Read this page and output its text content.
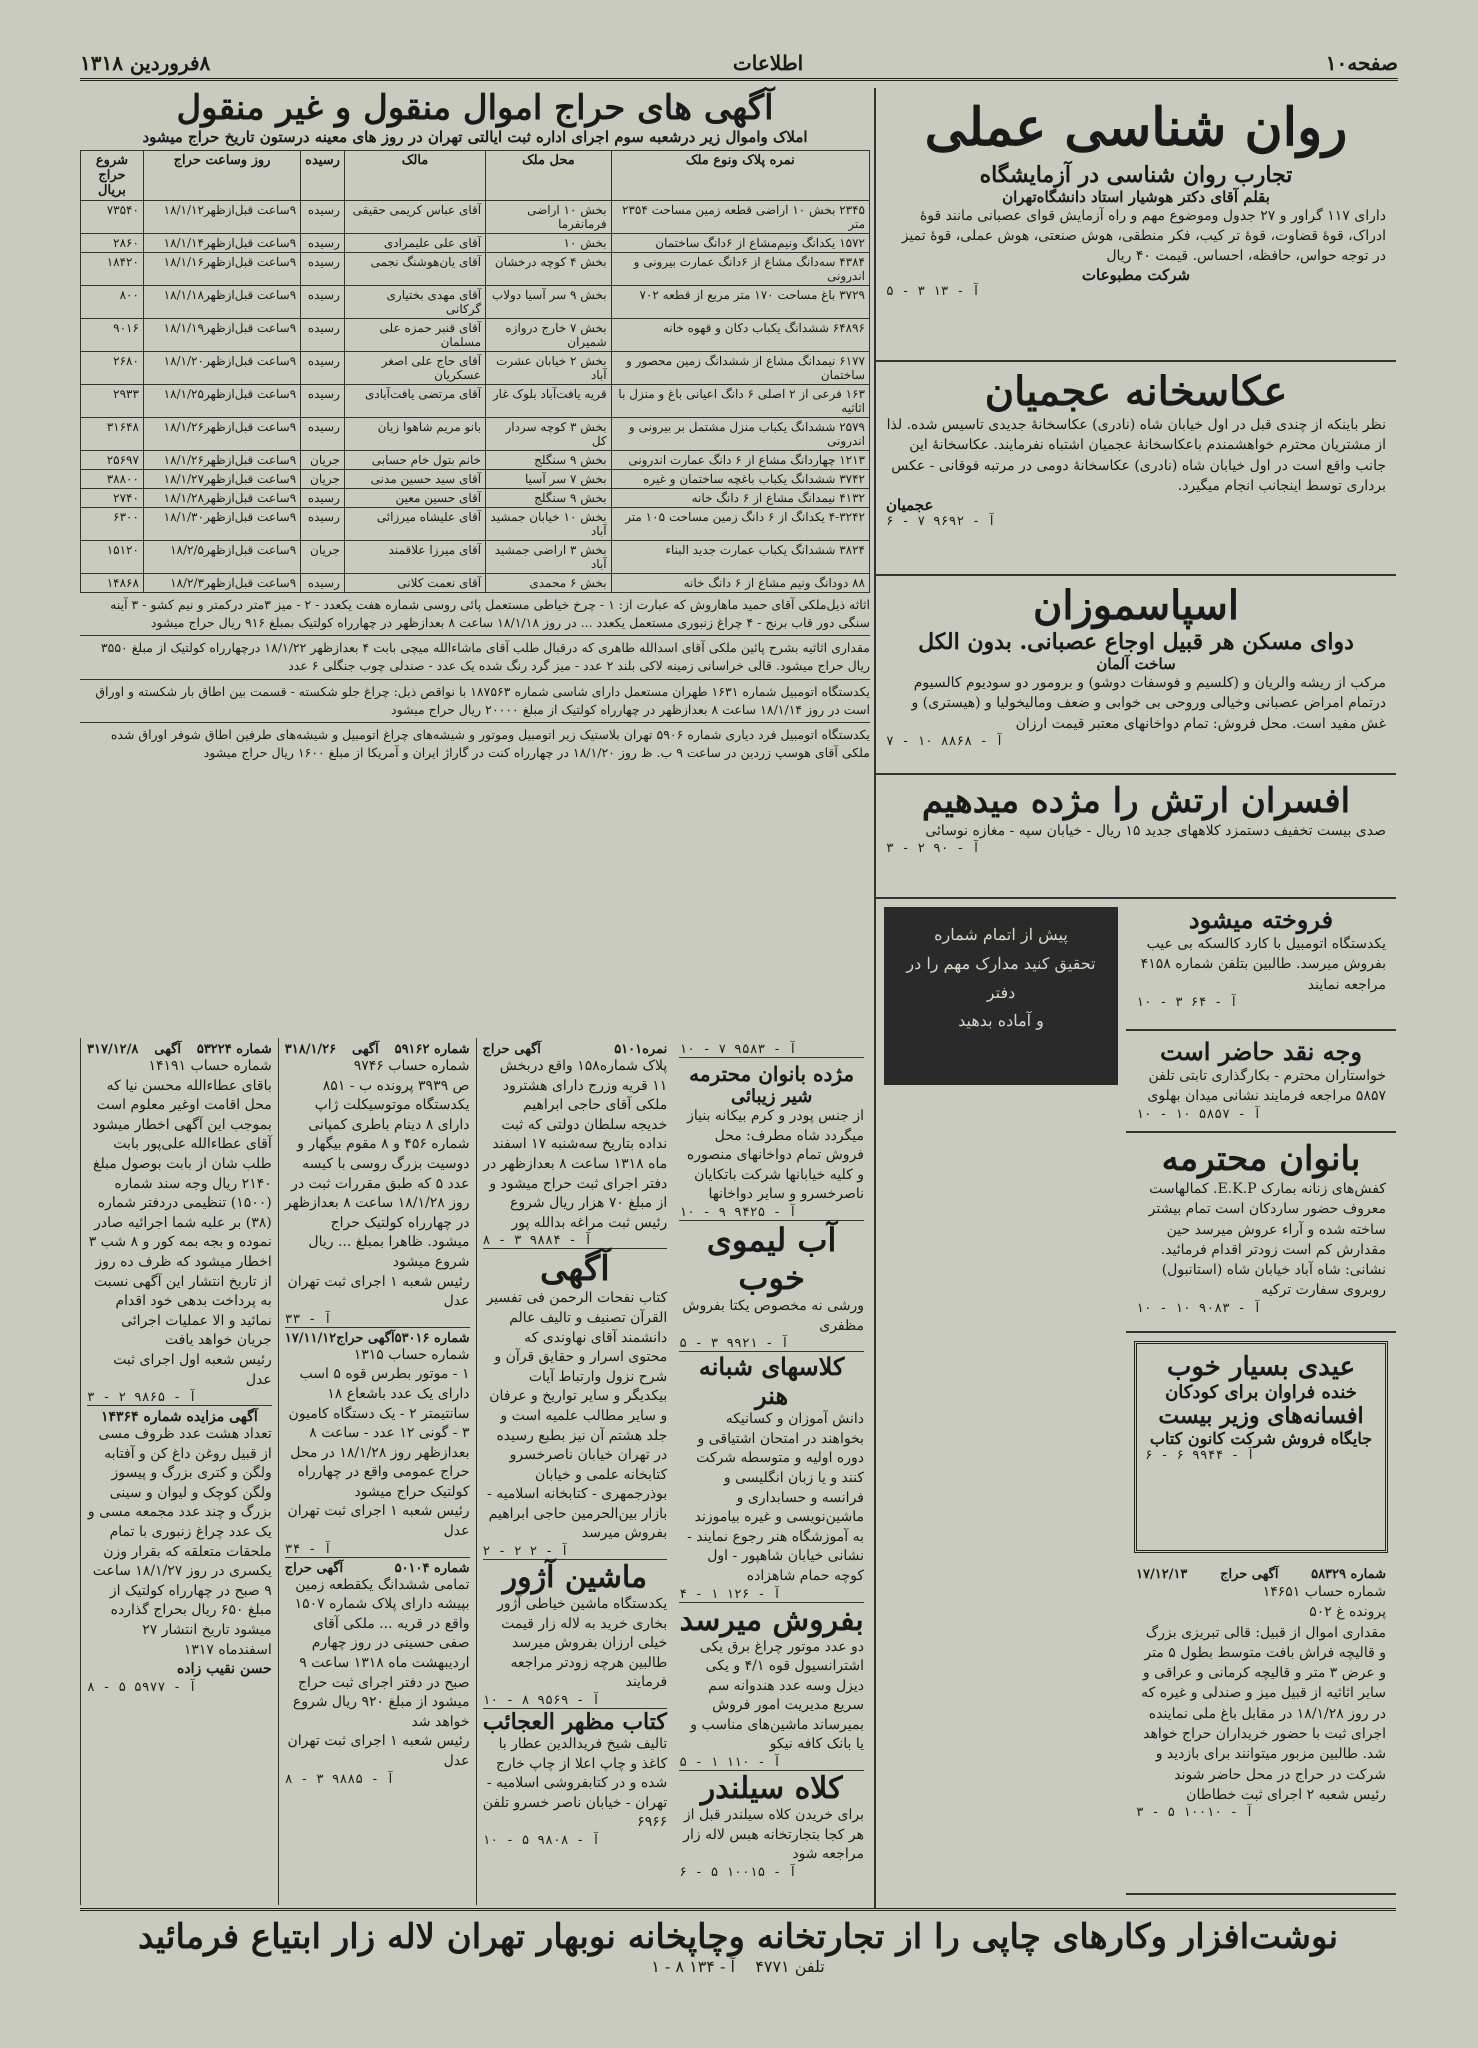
صفحه۱۰
اطلاعات
۸فروردین ۱۳۱۸
روان شناسی عملی
تجارب روان شناسی در آزمایشگاه
بقلم آقای دکتر هوشیار استاد دانشگاه‌تهران
دارای ۱۱۷ گراور و ۲۷ جدول وموضوع مهم و راه آزمایش قوای عصبانی مانند قوهٔ ادراک، قوهٔ قضاوت، قوهٔ تر کیب، فکر منطقی، هوش صنعتی، هوش عملی، قوهٔ تمیز در توجه حواس، حافظه، احساس. قیمت ۴۰ ریال
شرکت مطبوعات
آ - ۱۳ ۳ - ۵
عکاسخانه عجمیان
نظر باینکه از چندی قبل در اول خیابان شاه (نادری) عکاسخانهٔ جدیدی تاسیس شده. لذا از مشتریان محترم خواهشمندم باعکاسخانهٔ عجمیان اشتباه نفرمایند. عکاسخانهٔ این جانب واقع است در اول خیابان شاه (نادری) عکاسخانهٔ دومی در مرتبه فوقانی - عکس برداری توسط اینجانب انجام میگیرد.
عجمیان
آ - ۹۶۹۲ ۷ - ۶
اسپاسموزان
دوای مسکن هر قبیل اوجاع عصبانی. بدون الکل
ساخت آلمان
مرکب از ریشه والریان و (کلسیم و فوسفات دوشو) و برومور دو سودیوم کالسیوم درتمام امراض عصبانی وخیالی وروحی بی خوابی و ضعف وماليخوليا و (هیستری) و غش مفید است. محل فروش: تمام دواخانهای معتبر قیمت ارزان
آ - ۸۸۶۸ ۱۰ - ۷
افسران ارتش را مژده میدهیم
صدی بیست تخفیف دستمزد کلاههای جدید ۱۵ ریال - خیابان سپه - مغازه نوسائی
آ - ۹۰ ۲ - ۳
فروخته میشود
یکدستگاه اتومبیل با کارد کالسکه بی عیب بفروش میرسد. طالبین بتلفن شماره ۴۱۵۸ مراجعه نمایند
آ - ۶۴ ۳ - ۱۰
وجه نقد حاضر است
خواستاران محترم - بکارگذاری تابتی تلفن ۵۸۵۷ مراجعه فرمایند نشانی میدان بهلوی
آ - ۵۸۵۷ ۱۰ - ۱۰
بانوان محترمه
کفش‌های زنانه بمارک E.K.P. کمالهاست معروف حضور ساردکان است تمام بیشتر ساخته شده و آراء عروش میرسد حین مقدارش کم است زودتر اقدام فرمائید. نشانی: شاه آباد خیابان شاه (استانبول) روبروی سفارت ترکیه
آ - ۹۰۸۳ ۱۰ - ۱۰
عیدی بسیار خوب
خنده فراوان برای کودکان
افسانه‌های وزیر بیست
جایگاه فروش شرکت کانون کتاب
آ - ۹۹۴۴ ۶ - ۶
شماره ۵۸۳۲۹
آگهی حراج
۱۷/۱۲/۱۳
شماره حساب ۱۴۶۵۱
پرونده غ ۵۰۲
مقداری اموال از قبیل: قالی تبریزی بزرگ و قالیچه فراش بافت متوسط بطول ۵ متر و عرض ۳ متر و قالیچه کرمانی و عراقی و سایر اثاثیه از قبیل میز و صندلی و غیره که در روز ۱۸/۱/۲۸ در مقابل باغ ملی نماینده اجرای ثبت با حضور خریداران حراج خواهد شد. طالبین مزبور میتوانند برای بازدید و شرکت در حراج در محل حاضر شوند
رئیس شعبه ۲ اجرای ثبت خطاطان
آ - ۱۰۰۱۰ ۵ - ۳
پیش از اتمام شماره
تحقیق کنید مدارک مهم را در دفتر
و آماده بدهید
آگهی های حراج اموال منقول و غیر منقول
املاک واموال زیر درشعبه سوم اجرای اداره ثبت ایالتی تهران در روز های معینه درستون تاریخ حراج میشود
نمره پلاک ونوع ملک	محل ملک	مالک	رسیده	روز وساعت حراج	شروع حراج بریال
۲۳۴۵ بخش ۱۰ اراضی قطعه زمین مساحت ۲۳۵۴ متر	بخش ۱۰ اراضی فرمانفرما	آقای عباس کریمی حقیقی	رسیده	۹ساعت قبل‌ازظهر۱۸/۱/۱۲	۷۳۵۴۰
۱۵۷۲ یکدانگ ونیم‌مشاع از ۶دانگ ساختمان	بخش ۱۰	آقای علی علیمرادی	رسیده	۹ساعت قبل‌ازظهر۱۸/۱/۱۴	۲۸۶۰
۴۳۸۴ سه‌دانگ مشاع از ۶دانگ عمارت بیرونی و اندرونی	بخش ۴ کوچه درخشان	آقای یان‌هوشنگ نجمی	رسیده	۹ساعت قبل‌ازظهر۱۸/۱/۱۶	۱۸۴۲۰
۳۷۲۹ باغ مساحت ۱۷۰ متر مربع از قطعه ۷۰۲	بخش ۹ سر آسیا دولاب	آقای مهدی بختیاری گرکانی	رسیده	۹ساعت قبل‌ازظهر۱۸/۱/۱۸	۸۰۰
۶۴۸۹۶ ششدانگ یکباب دکان و قهوه خانه	بخش ۷ خارج دروازه شمیران	آقای قنبر حمزه علی مسلمان	رسیده	۹ساعت قبل‌ازظهر۱۸/۱/۱۹	۹۰۱۶
۶۱۷۷ نیمدانگ مشاع از ششدانگ زمین محصور و ساختمان	بخش ۲ خیابان عشرت آباد	آقای حاج علی اصغر عسکریان	رسیده	۹ساعت قبل‌ازظهر۱۸/۱/۲۰	۲۶۸۰
۱۶۳ فرعی از ۲ اصلی ۶ دانگ اعیانی باغ و منزل با اثاثیه	قریه یافت‌آباد بلوک غار	آقای مرتضی یافت‌آبادی	رسیده	۹ساعت قبل‌ازظهر۱۸/۱/۲۵	۲۹۳۳
۲۵۷۹ ششدانگ یکباب منزل مشتمل بر بیرونی و اندرونی	بخش ۳ کوچه سردار کل	بانو مریم شاهوا زیان	رسیده	۹ساعت قبل‌ازظهر۱۸/۱/۲۶	۳۱۶۴۸
۱۲۱۳ چهاردانگ مشاع از ۶ دانگ عمارت اندرونی	بخش ۹ سنگلج	خانم بتول خام حسابی	جریان	۹ساعت قبل‌ازظهر۱۸/۱/۲۶	۲۵۶۹۷
۳۷۴۲ ششدانگ یکباب باغچه ساختمان و غیره	بخش ۷ سر آسیا	آقای سید حسین مدنی	جریان	۹ساعت قبل‌ازظهر۱۸/۱/۲۷	۳۸۸۰۰
۴۱۳۲ نیمدانگ مشاع از ۶ دانگ خانه	بخش ۹ سنگلج	آقای حسین معین	رسیده	۹ساعت قبل‌ازظهر۱۸/۱/۲۸	۲۷۴۰
۴-۳۲۴۲ یکدانگ از ۶ دانگ زمین مساحت ۱۰۵ متر	بخش ۱۰ خیابان جمشید آباد	آقای علیشاه میرزائی	رسیده	۹ساعت قبل‌ازظهر۱۸/۱/۳۰	۶۳۰۰
۳۸۲۴ ششدانگ یکباب عمارت جدید البناء	بخش ۳ اراضی جمشید آباد	آقای میرزا علاقمند	جریان	۹ساعت قبل‌ازظهر۱۸/۲/۵	۱۵۱۲۰
۸۸ دودانگ ونیم مشاع از ۶ دانگ خانه	بخش ۶ محمدی	آقای نعمت کلانی	رسیده	۹ساعت قبل‌ازظهر۱۸/۲/۳	۱۴۸۶۸
اثاثه ذیل‌ملکی آقای حمید ماهاروش که عبارت از: ۱ - چرخ خیاطی مستعمل پائی روسی شماره هفت یکعدد - ۲ - میز ۳متر درکمتر و نیم کشو - ۳ آینه سنگی دور قاب برنج - ۴ چراغ زنبوری مستعمل یکعدد ... در روز ۱۸/۱/۱۸ ساعت ۸ بعدازظهر در چهارراه کولتیک بمبلغ ۹۱۶ ریال حراج میشود
مقداری اثاثیه بشرح پائین ملکی آقای اسدالله طاهری که درقبال طلب آقای ماشاءالله میچی بابت ۴ بعدازظهر ۱۸/۱/۲۲ درچهارراه کولتیک از مبلغ ۳۵۵۰ ریال حراج میشود. قالی خراسانی زمینه لاکی بلند ۲ عدد - میز گرد رنگ شده یک عدد - صندلی چوب جنگلی ۶ عدد
یکدستگاه اتومبیل شماره ۱۶۳۱ طهران مستعمل دارای شاسی شماره ۱۸۷۵۶۳ با نواقص ذیل: چراغ جلو شکسته - قسمت بین اطاق بار شکسته و اوراق است در روز ۱۸/۱/۱۴ ساعت ۸ بعدازظهر در چهارراه کولتیک از مبلغ ۲۰۰۰۰ ریال حراج میشود
یکدستگاه اتومبیل فرد دیاری شماره ۵۹۰۶ تهران بلاستیک زیر اتومبیل وموتور و شیشه‌های چراغ اتومبیل و شیشه‌های طرفین اطاق شوفر اوراق شده ملکی آقای هوسپ زردین در ساعت ۹ ب. ظ روز ۱۸/۱/۲۰ در چهارراه کنت در گاراژ ایران و آمریکا از مبلغ ۱۶۰۰ ریال حراج میشود
آ - ۹۵۸۳ ۷ - ۱۰
مژده بانوان محترمه
شیر زیبائی
از جنس پودر و کرم بیکانه بنیاز میگردد شاه مطرف: محل فروش تمام دواخانهای منصوره و کلیه خیابانها شرکت باتکایان ناصرخسرو و سایر دواخانها
آ - ۹۴۲۵ ۹ - ۱۰
آب لیموی خوب
ورشی نه مخصوص یکتا بفروش مظفری
آ - ۹۹۲۱ ۳ - ۵
کلاسهای شبانه هنر
دانش آموزان و کسانیکه بخواهند در امتحان اشتیاقی و دوره اولیه و متوسطه شرکت کنند و یا زبان انگلیسی و فرانسه و حسابداری و ماشین‌نویسی و غیره بیاموزند به آموزشگاه هنر رجوع نمایند - نشانی خیابان شاهپور - اول کوچه حمام شاهزاده
آ - ۱۲۶ ۱ - ۴
بفروش میرسد
دو عدد موتور چراغ برق یکی اشترانسیول قوه ۴/۱ و یکی دیزل وسه عدد هندوانه سم سریع مدیریت امور فروش بمیرساند ماشین‌های مناسب و یا بانک کافه نیکو
آ - ۱۱۰ ۱ - ۵
کلاه سیلندر
برای خریدن کلاه سیلندر قبل از هر کجا بتجارتخانه هبس لاله زار مراجعه شود
آ - ۱۰۰۱۵ ۵ - ۶
نمره۵۱۰۱
آگهی حراج
پلاک شماره۱۵۸ واقع دربخش ۱۱ قریه وزرج دارای هشترود ملکی آقای حاجی ابراهیم خدیجه سلطان دولتی که ثبت نداده بتاریخ سه‌شنبه ۱۷ اسفند ماه ۱۳۱۸ ساعت ۸ بعدازظهر در دفتر اجرای ثبت حراج میشود و از مبلغ ۷۰ هزار ریال شروع
رئیس ثبت مراغه بدالله پور
آ - ۹۸۸۴ ۳ - ۸
آگهی
کتاب نفحات الرحمن فی تفسیر القرآن تصنیف و تالیف عالم دانشمند آقای نهاوندی که محتوی اسرار و حقایق قرآن و شرح نزول وارتباط آیات بیکدیگر و سایر تواریخ و عرفان و سایر مطالب علمیه است و جلد هشتم آن نیز بطبع رسیده در تهران خیابان ناصرخسرو کتابخانه علمی و خیابان بوذرجمهری - کتابخانه اسلامیه - بازار بین‌الحرمین حاجی ابراهیم بفروش میرسد
آ - ۲ ۲ - ۲
ماشین آژور
یکدستگاه ماشین خیاطی آژور بخاری خرید به لاله زار قیمت خیلی ارزان بفروش میرسد طالبین هرچه زودتر مراجعه فرمایند
آ - ۹۵۶۹ ۸ - ۱۰
کتاب مظهر العجائب
تالیف شیخ فریدالدین عطار با کاغذ و چاپ اعلا از چاپ خارج شده و در کتابفروشی اسلامیه - تهران - خیابان ناصر خسرو تلفن ۶۹۶۶
آ - ۹۸۰۸ ۵ - ۱۰
شماره ۵۹۱۶۲
آگهی
۳۱۸/۱/۲۶
شماره حساب ۹۷۴۶
ص ۳۹۳۹ پرونده ب - ۸۵۱
یکدستگاه موتوسیکلت ژاپ دارای ۸ دینام باطری کمپانی شماره ۴۵۶ و ۸ مقوم بیگهار و دوسیت بزرگ روسی با کیسه عدد ۵ که طبق مقررات ثبت در روز ۱۸/۱/۲۸ ساعت ۸ بعدازظهر در چهارراه کولتیک حراج میشود. ظاهرا بمبلغ ... ریال شروع میشود
رئیس شعبه ۱ اجرای ثبت تهران عدل
آ - ۳۳
شماره ۵۳۰۱۶
آگهی حراج
۱۷/۱۱/۱۲
شماره حساب ۱۳۱۵
۱ - موتور بطرس قوه ۵ اسب دارای یک عدد باشعاع ۱۸ سانتیمتر ۲ - یک دستگاه کامیون ۳ - گونی ۱۲ عدد - ساعت ۸ بعدازظهر روز ۱۸/۱/۲۸ در محل حراج عمومی واقع در چهارراه کولتیک حراج میشود
رئیس شعبه ۱ اجرای ثبت تهران عدل
آ - ۳۴
شماره ۵۰۱۰۴
آگهی حراج
تمامی ششدانگ یکقطعه زمین بپیشه دارای پلاک شماره ۱۵۰۷ واقع در قریه ... ملکی آقای صفی حسینی در روز چهارم اردیبهشت ماه ۱۳۱۸ ساعت ۹ صبح در دفتر اجرای ثبت حراج میشود از مبلغ ۹۲۰ ریال شروع خواهد شد
رئیس شعبه ۱ اجرای ثبت تهران عدل
آ - ۹۸۸۵ ۳ - ۸
شماره ۵۳۲۲۴
آگهی
۳۱۷/۱۲/۸
شماره حساب ۱۴۱۹۱
باقای عطاءالله محسن نیا که محل اقامت اوغیر معلوم است بموجب این آگهی اخطار میشود آقای عطاءالله علی‌پور بابت طلب شان از بابت بوصول مبلغ ۲۱۴۰ ریال وجه سند شماره (۱۵۰۰) تنظیمی دردفتر شماره (۳۸) بر علیه شما اجرائیه صادر نموده و بجه بمه کور و ۸ شب ۳ اخطار میشود که ظرف ده روز از تاریخ انتشار این آگهی نسبت به پرداخت بدهی خود اقدام نمائید و الا عملیات اجرائی جریان خواهد یافت
رئیس شعبه اول اجرای ثبت عدل
آ - ۹۸۶۵ ۲ - ۳
آگهی مزایده شماره ۱۴۳۶۴
تعداد هشت عدد ظروف مسی از قبیل روغن داغ کن و آفتابه ولگن و کتری بزرگ و پیسوز ولگن کوچک و لیوان و سینی بزرگ و چند عدد مجمعه مسی و یک عدد چراغ زنبوری با تمام ملحقات متعلقه که بقرار وزن یکسری در روز ۱۸/۱/۲۷ ساعت ۹ صبح در چهارراه کولتیک از مبلغ ۶۵۰ ریال بحراج گذارده میشود تاریخ انتشار ۲۷ اسفندماه ۱۳۱۷
حسن نقیب زاده
آ - ۵۹۷۷ ۵ - ۸
نوشت‌افزار وکارهای چاپی را از تجارتخانه وچاپخانه نوبهار تهران لاله زار ابتیاع فرمائید
تلفن ۴۷۷۱    آ - ۱۳۴ ۸ - ۱
